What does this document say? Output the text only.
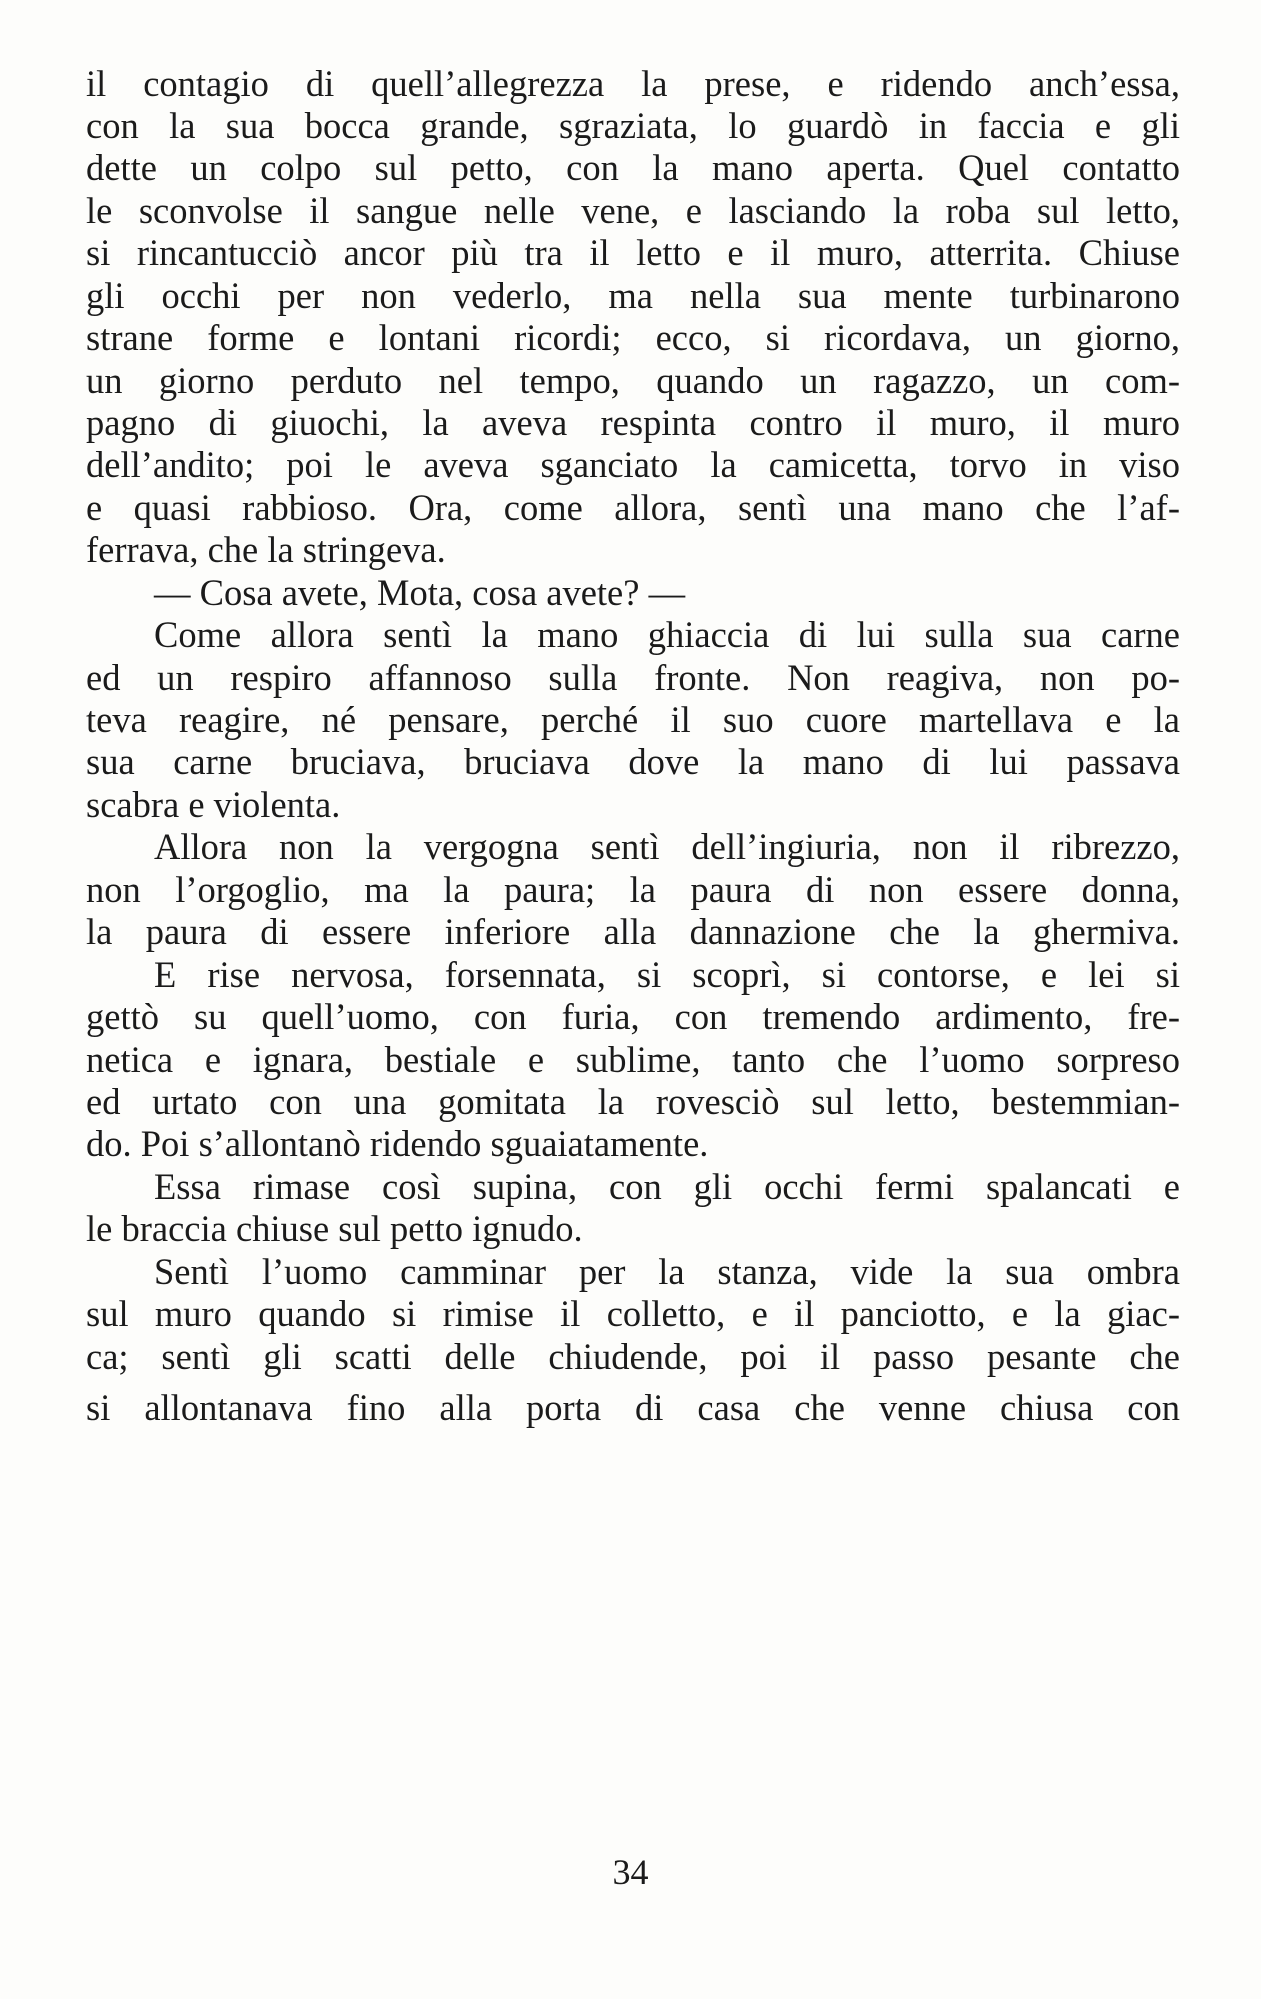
il contagio di quell’allegrezza la prese, e ridendo anch’essa,
con la sua bocca grande, sgraziata, lo guardò in faccia e gli
dette un colpo sul petto, con la mano aperta. Quel contatto
le sconvolse il sangue nelle vene, e lasciando la roba sul letto,
si rincantucciò ancor più tra il letto e il muro, atterrita. Chiuse
gli occhi per non vederlo, ma nella sua mente turbinarono
strane forme e lontani ricordi; ecco, si ricordava, un giorno,
un giorno perduto nel tempo, quando un ragazzo, un com-
pagno di giuochi, la aveva respinta contro il muro, il muro
dell’andito; poi le aveva sganciato la camicetta, torvo in viso
e quasi rabbioso. Ora, come allora, sentì una mano che l’af-
ferrava, che la stringeva.
— Cosa avete, Mota, cosa avete? —
Come allora sentì la mano ghiaccia di lui sulla sua carne
ed un respiro affannoso sulla fronte. Non reagiva, non po-
teva reagire, né pensare, perché il suo cuore martellava e la
sua carne bruciava, bruciava dove la mano di lui passava
scabra e violenta.
Allora non la vergogna sentì dell’ingiuria, non il ribrezzo,
non l’orgoglio, ma la paura; la paura di non essere donna,
la paura di essere inferiore alla dannazione che la ghermiva.
E rise nervosa, forsennata, si scoprì, si contorse, e lei si
gettò su quell’uomo, con furia, con tremendo ardimento, fre-
netica e ignara, bestiale e sublime, tanto che l’uomo sorpreso
ed urtato con una gomitata la rovesciò sul letto, bestemmian-
do. Poi s’allontanò ridendo sguaiatamente.
Essa rimase così supina, con gli occhi fermi spalancati e
le braccia chiuse sul petto ignudo.
Sentì l’uomo camminar per la stanza, vide la sua ombra
sul muro quando si rimise il colletto, e il panciotto, e la giac-
ca; sentì gli scatti delle chiudende, poi il passo pesante che
si allontanava fino alla porta di casa che venne chiusa con
34
